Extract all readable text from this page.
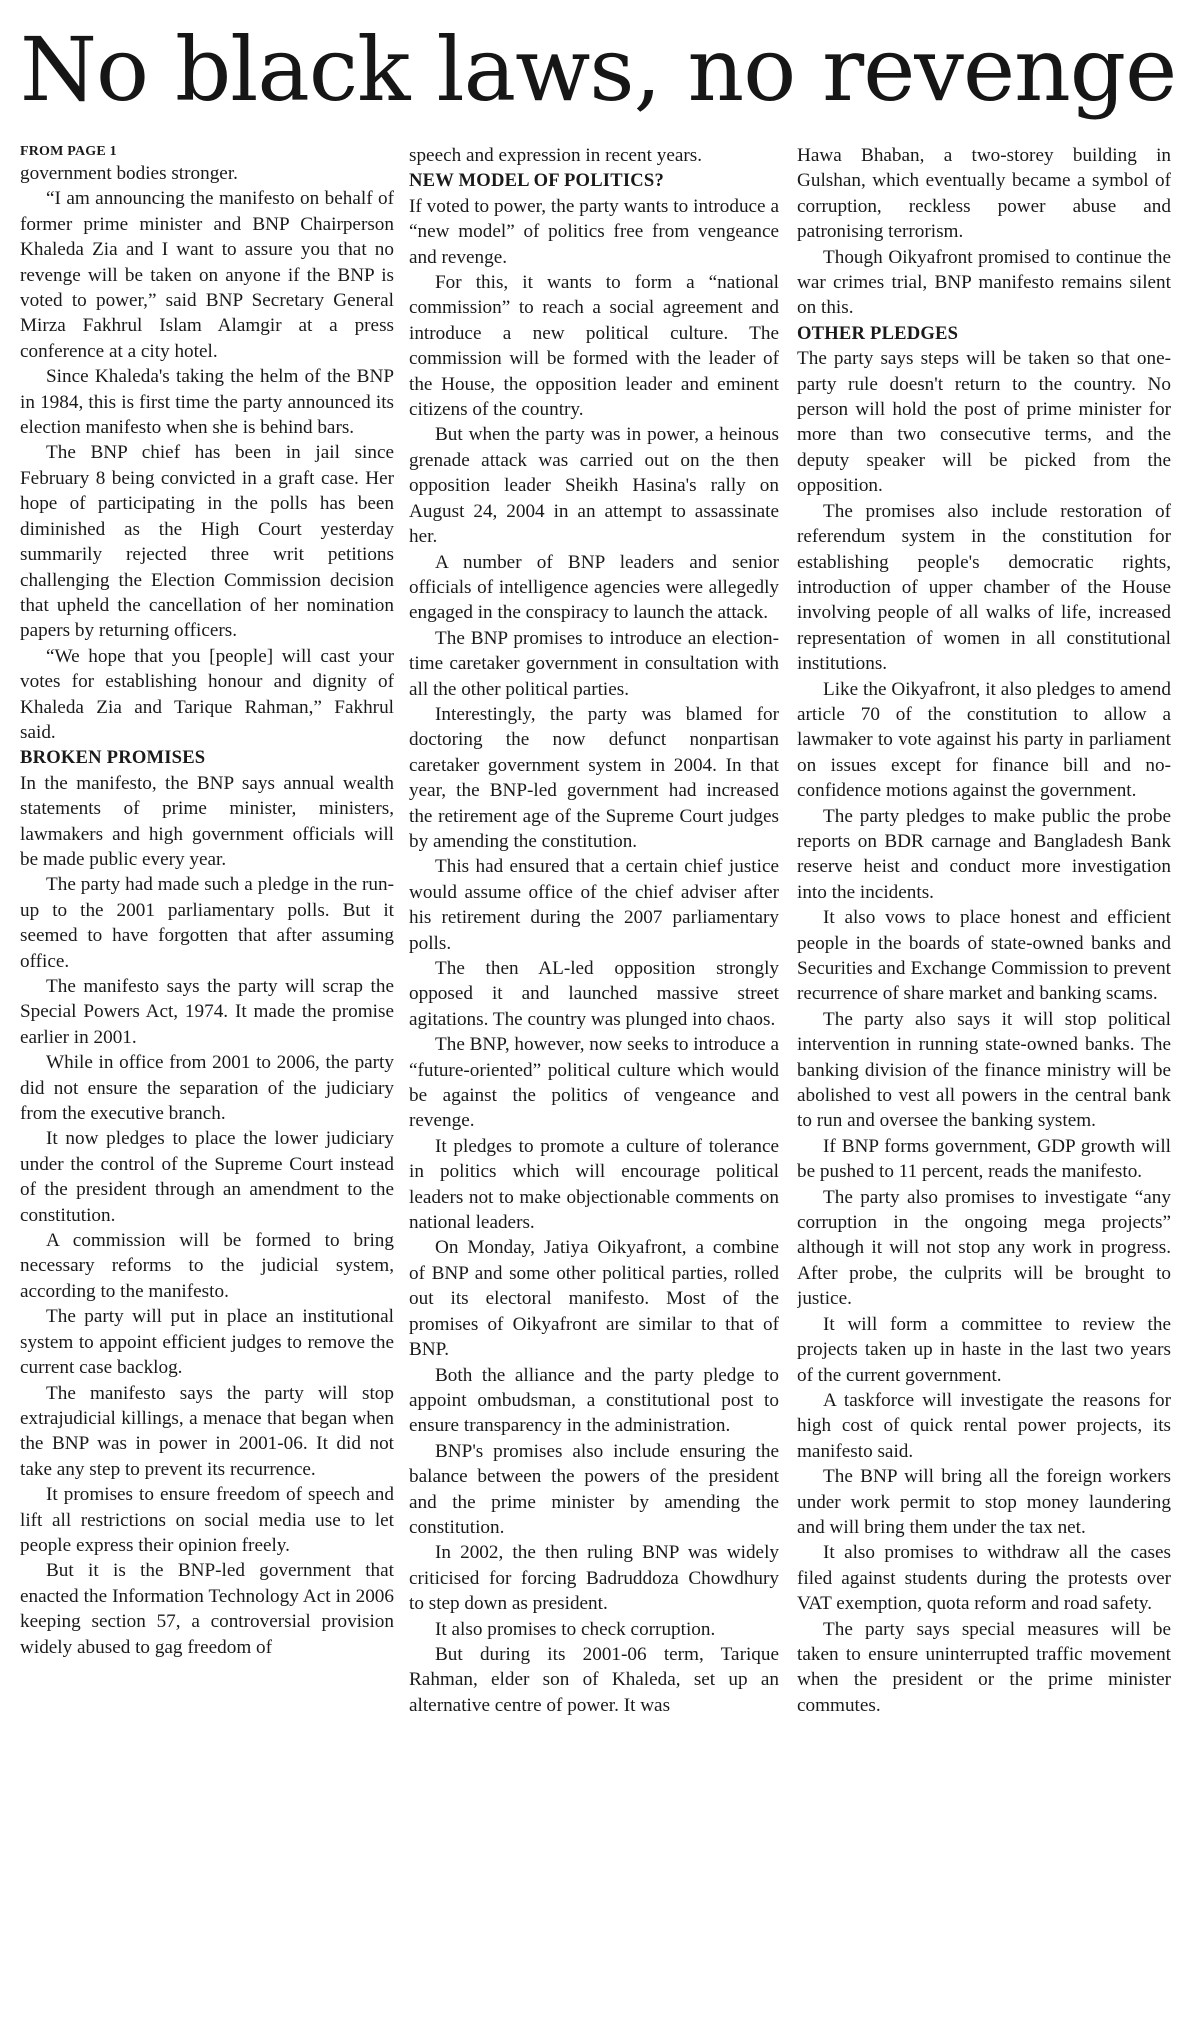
No black laws, no revenge
FROM PAGE 1

government bodies stronger.

“I am announcing the manifesto on behalf of former prime minister and BNP Chairperson Khaleda Zia and I want to assure you that no revenge will be taken on anyone if the BNP is voted to power,” said BNP Secretary General Mirza Fakhrul Islam Alamgir at a press conference at a city hotel.

Since Khaleda's taking the helm of the BNP in 1984, this is first time the party announced its election manifesto when she is behind bars.

The BNP chief has been in jail since February 8 being convicted in a graft case. Her hope of participating in the polls has been diminished as the High Court yesterday summarily rejected three writ petitions challenging the Election Commission decision that upheld the cancellation of her nomination papers by returning officers.

“We hope that you [people] will cast your votes for establishing honour and dignity of Khaleda Zia and Tarique Rahman,” Fakhrul said.

BROKEN PROMISES

In the manifesto, the BNP says annual wealth statements of prime minister, ministers, lawmakers and high government officials will be made public every year.

The party had made such a pledge in the run-up to the 2001 parliamentary polls. But it seemed to have forgotten that after assuming office.

The manifesto says the party will scrap the Special Powers Act, 1974. It made the promise earlier in 2001.

While in office from 2001 to 2006, the party did not ensure the separation of the judiciary from the executive branch.

It now pledges to place the lower judiciary under the control of the Supreme Court instead of the president through an amendment to the constitution.

A commission will be formed to bring necessary reforms to the judicial system, according to the manifesto.

The party will put in place an institutional system to appoint efficient judges to remove the current case backlog.

The manifesto says the party will stop extrajudicial killings, a menace that began when the BNP was in power in 2001-06. It did not take any step to prevent its recurrence.

It promises to ensure freedom of speech and lift all restrictions on social media use to let people express their opinion freely.

But it is the BNP-led government that enacted the Information Technology Act in 2006 keeping section 57, a controversial provision widely abused to gag freedom of

speech and expression in recent years.

NEW MODEL OF POLITICS?

If voted to power, the party wants to introduce a “new model” of politics free from vengeance and revenge.

For this, it wants to form a “national commission” to reach a social agreement and introduce a new political culture. The commission will be formed with the leader of the House, the opposition leader and eminent citizens of the country.

But when the party was in power, a heinous grenade attack was carried out on the then opposition leader Sheikh Hasina's rally on August 24, 2004 in an attempt to assassinate her.

A number of BNP leaders and senior officials of intelligence agencies were allegedly engaged in the conspiracy to launch the attack.

The BNP promises to introduce an election-time caretaker government in consultation with all the other political parties.

Interestingly, the party was blamed for doctoring the now defunct nonpartisan caretaker government system in 2004. In that year, the BNP-led government had increased the retirement age of the Supreme Court judges by amending the constitution.

This had ensured that a certain chief justice would assume office of the chief adviser after his retirement during the 2007 parliamentary polls.

The then AL-led opposition strongly opposed it and launched massive street agitations. The country was plunged into chaos.

The BNP, however, now seeks to introduce a “future-oriented” political culture which would be against the politics of vengeance and revenge.

It pledges to promote a culture of tolerance in politics which will encourage political leaders not to make objectionable comments on national leaders.

On Monday, Jatiya Oikyafront, a combine of BNP and some other political parties, rolled out its electoral manifesto. Most of the promises of Oikyafront are similar to that of BNP.

Both the alliance and the party pledge to appoint ombudsman, a constitutional post to ensure transparency in the administration.

BNP's promises also include ensuring the balance between the powers of the president and the prime minister by amending the constitution.

In 2002, the then ruling BNP was widely criticised for forcing Badruddoza Chowdhury to step down as president.

It also promises to check corruption.

But during its 2001-06 term, Tarique Rahman, elder son of Khaleda, set up an alternative centre of power. It was

Hawa Bhaban, a two-storey building in Gulshan, which eventually became a symbol of corruption, reckless power abuse and patronising terrorism.

Though Oikyafront promised to continue the war crimes trial, BNP manifesto remains silent on this.

OTHER PLEDGES

The party says steps will be taken so that one-party rule doesn't return to the country. No person will hold the post of prime minister for more than two consecutive terms, and the deputy speaker will be picked from the opposition.

The promises also include restoration of referendum system in the constitution for establishing people's democratic rights, introduction of upper chamber of the House involving people of all walks of life, increased representation of women in all constitutional institutions.

Like the Oikyafront, it also pledges to amend article 70 of the constitution to allow a lawmaker to vote against his party in parliament on issues except for finance bill and no-confidence motions against the government.

The party pledges to make public the probe reports on BDR carnage and Bangladesh Bank reserve heist and conduct more investigation into the incidents.

It also vows to place honest and efficient people in the boards of state-owned banks and Securities and Exchange Commission to prevent recurrence of share market and banking scams.

The party also says it will stop political intervention in running state-owned banks. The banking division of the finance ministry will be abolished to vest all powers in the central bank to run and oversee the banking system.

If BNP forms government, GDP growth will be pushed to 11 percent, reads the manifesto.

The party also promises to investigate “any corruption in the ongoing mega projects” although it will not stop any work in progress. After probe, the culprits will be brought to justice.

It will form a committee to review the projects taken up in haste in the last two years of the current government.

A taskforce will investigate the reasons for high cost of quick rental power projects, its manifesto said.

The BNP will bring all the foreign workers under work permit to stop money laundering and will bring them under the tax net.

It also promises to withdraw all the cases filed against students during the protests over VAT exemption, quota reform and road safety.

The party says special measures will be taken to ensure uninterrupted traffic movement when the president or the prime minister commutes.
